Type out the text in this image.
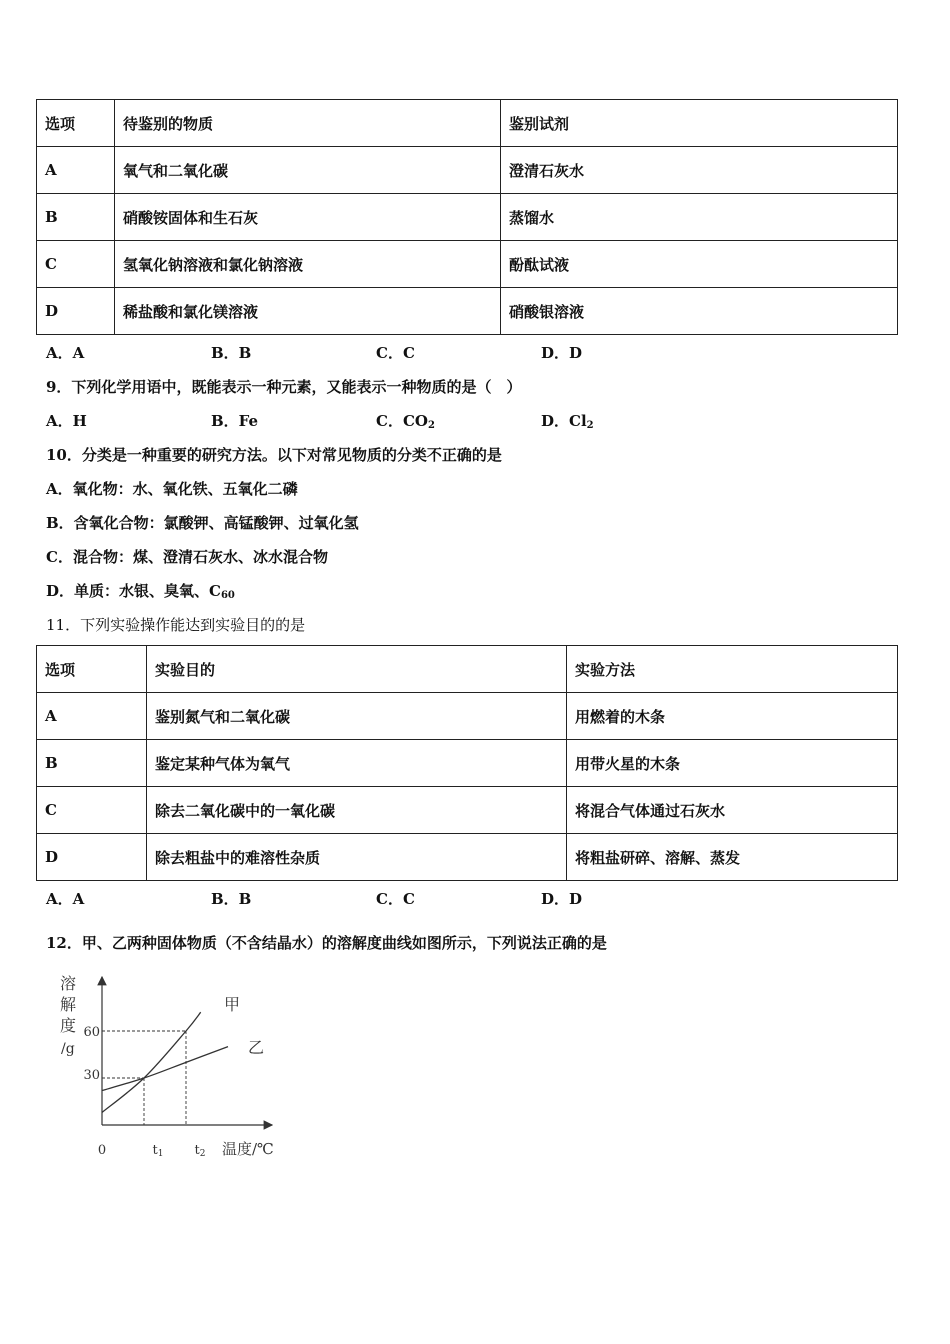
选项	待鉴别的物质	鉴别试剂
A	氧气和二氧化碳	澄清石灰水
B	硝酸铵固体和生石灰	蒸馏水
C	氢氧化钠溶液和氯化钠溶液	酚酞试液
D	稀盐酸和氯化镁溶液	硝酸银溶液
A．A	B．B	C．C	D．D
9．下列化学用语中，既能表示一种元素，又能表示一种物质的是（　）
A．H	B．Fe	C．$CO_2$	D．$Cl_2$
10．分类是一种重要的研究方法。以下对常见物质的分类不正确的是
A．氧化物：水、氧化铁、五氧化二磷
B．含氧化合物：氯酸钾、高锰酸钾、过氧化氢
C．混合物：煤、澄清石灰水、冰水混合物
D．单质：水银、臭氧、$C_{60}$
11．下列实验操作能达到实验目的的是
选项	实验目的	实验方法
A	鉴别氮气和二氧化碳	用燃着的木条
B	鉴定某种气体为氧气	用带火星的木条
C	除去二氧化碳中的一氧化碳	将混合气体通过石灰水
D	除去粗盐中的难溶性杂质	将粗盐研碎、溶解、蒸发
A．A	B．B	C．C	D．D
12．甲、乙两种固体物质（不含结晶水）的溶解度曲线如图所示，下列说法正确的是
溶
解
度
/g
0	温度/℃
30
60
甲
乙
t1 t2
